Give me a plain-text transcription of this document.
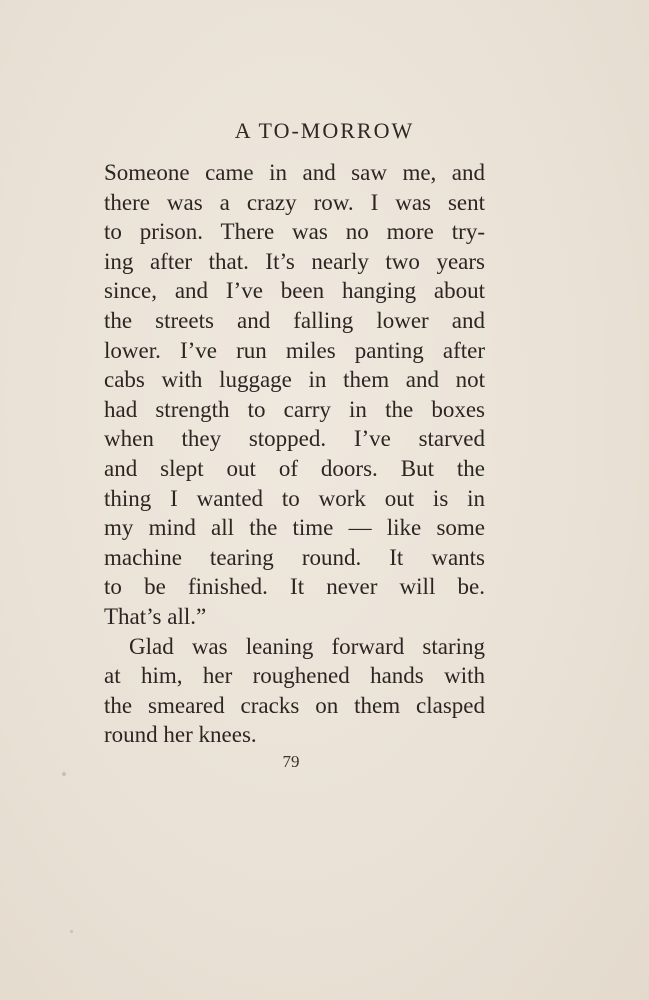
A TO-MORROW
Someone came in and saw me, and
there was a crazy row. I was sent
to prison. There was no more try-
ing after that. It’s nearly two years
since, and I’ve been hanging about
the streets and falling lower and
lower. I’ve run miles panting after
cabs with luggage in them and not
had strength to carry in the boxes
when they stopped. I’ve starved
and slept out of doors. But the
thing I wanted to work out is in
my mind all the time — like some
machine tearing round. It wants
to be finished. It never will be.
That’s all.”
Glad was leaning forward staring
at him, her roughened hands with
the smeared cracks on them clasped
round her knees.
79
